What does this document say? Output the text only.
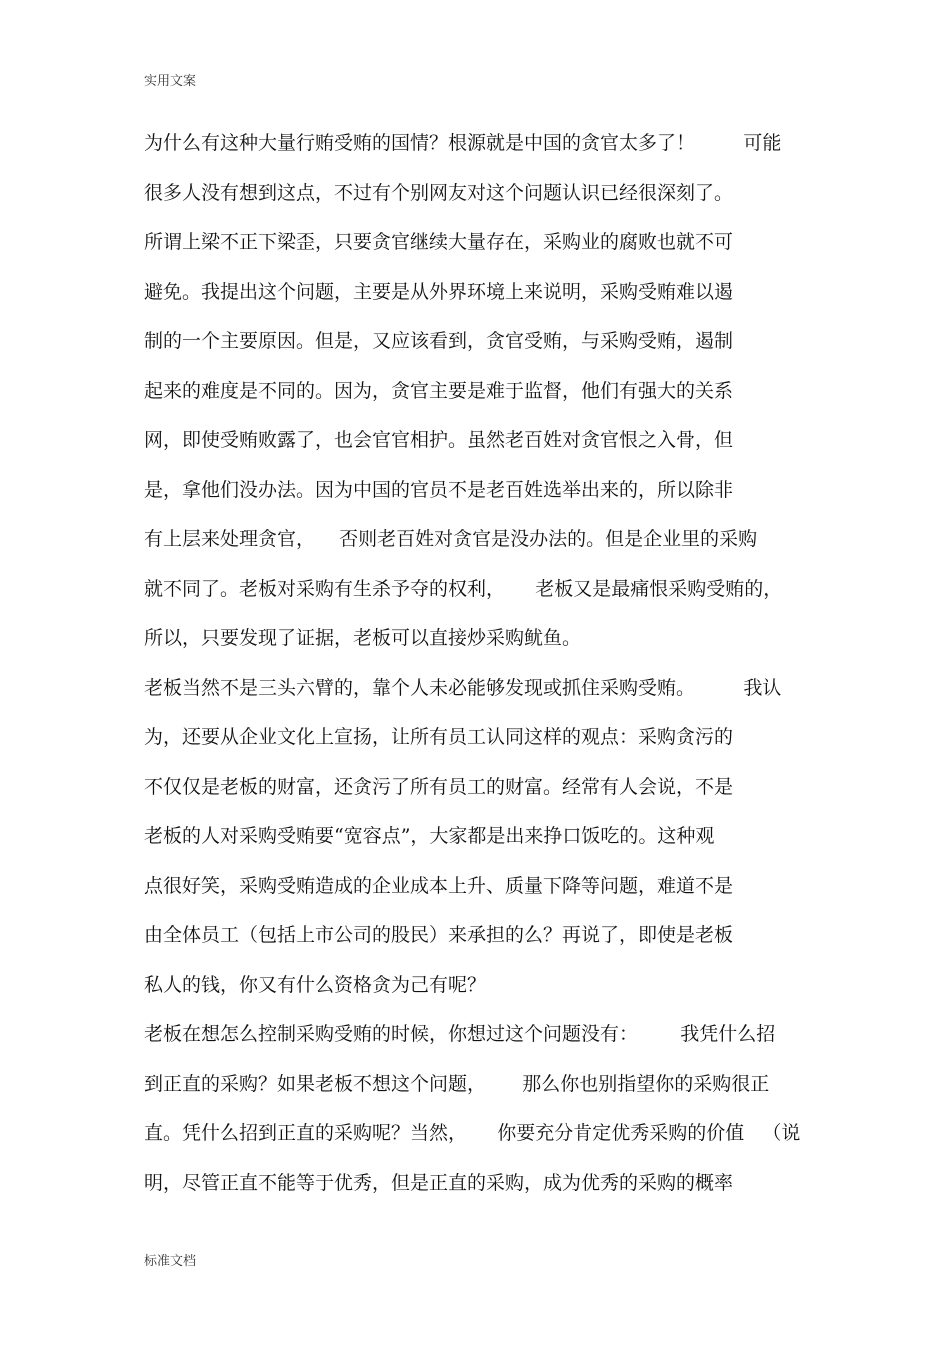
实用文案

为什么有这种大量行贿受贿的国情？根源就是中国的贪官太多了！        可能

很多人没有想到这点，不过有个别网友对这个问题认识已经很深刻了。

所谓上梁不正下梁歪，只要贪官继续大量存在，采购业的腐败也就不可

避免。我提出这个问题，主要是从外界环境上来说明，采购受贿难以遏

制的一个主要原因。但是，又应该看到，贪官受贿，与采购受贿，遏制

起来的难度是不同的。因为，贪官主要是难于监督，他们有强大的关系

网，即使受贿败露了，也会官官相护。虽然老百姓对贪官恨之入骨，但

是，拿他们没办法。因为中国的官员不是老百姓选举出来的，所以除非

有上层来处理贪官，    否则老百姓对贪官是没办法的。但是企业里的采购

就不同了。老板对采购有生杀予夺的权利，     老板又是最痛恨采购受贿的，

所以，只要发现了证据，老板可以直接炒采购鱿鱼。

老板当然不是三头六臂的，靠个人未必能够发现或抓住采购受贿。        我认

为，还要从企业文化上宣扬，让所有员工认同这样的观点：采购贪污的

不仅仅是老板的财富，还贪污了所有员工的财富。经常有人会说，不是

老板的人对采购受贿要“宽容点”，大家都是出来挣口饭吃的。这种观

点很好笑，采购受贿造成的企业成本上升、质量下降等问题，难道不是

由全体员工（包括上市公司的股民）来承担的么？再说了，即使是老板

私人的钱，你又有什么资格贪为己有呢？

老板在想怎么控制采购受贿的时候，你想过这个问题没有：       我凭什么招

到正直的采购？如果老板不想这个问题，      那么你也别指望你的采购很正

直。凭什么招到正直的采购呢？当然，     你要充分肯定优秀采购的价值   （说

明，尽管正直不能等于优秀，但是正直的采购，成为优秀的采购的概率

标准文档
